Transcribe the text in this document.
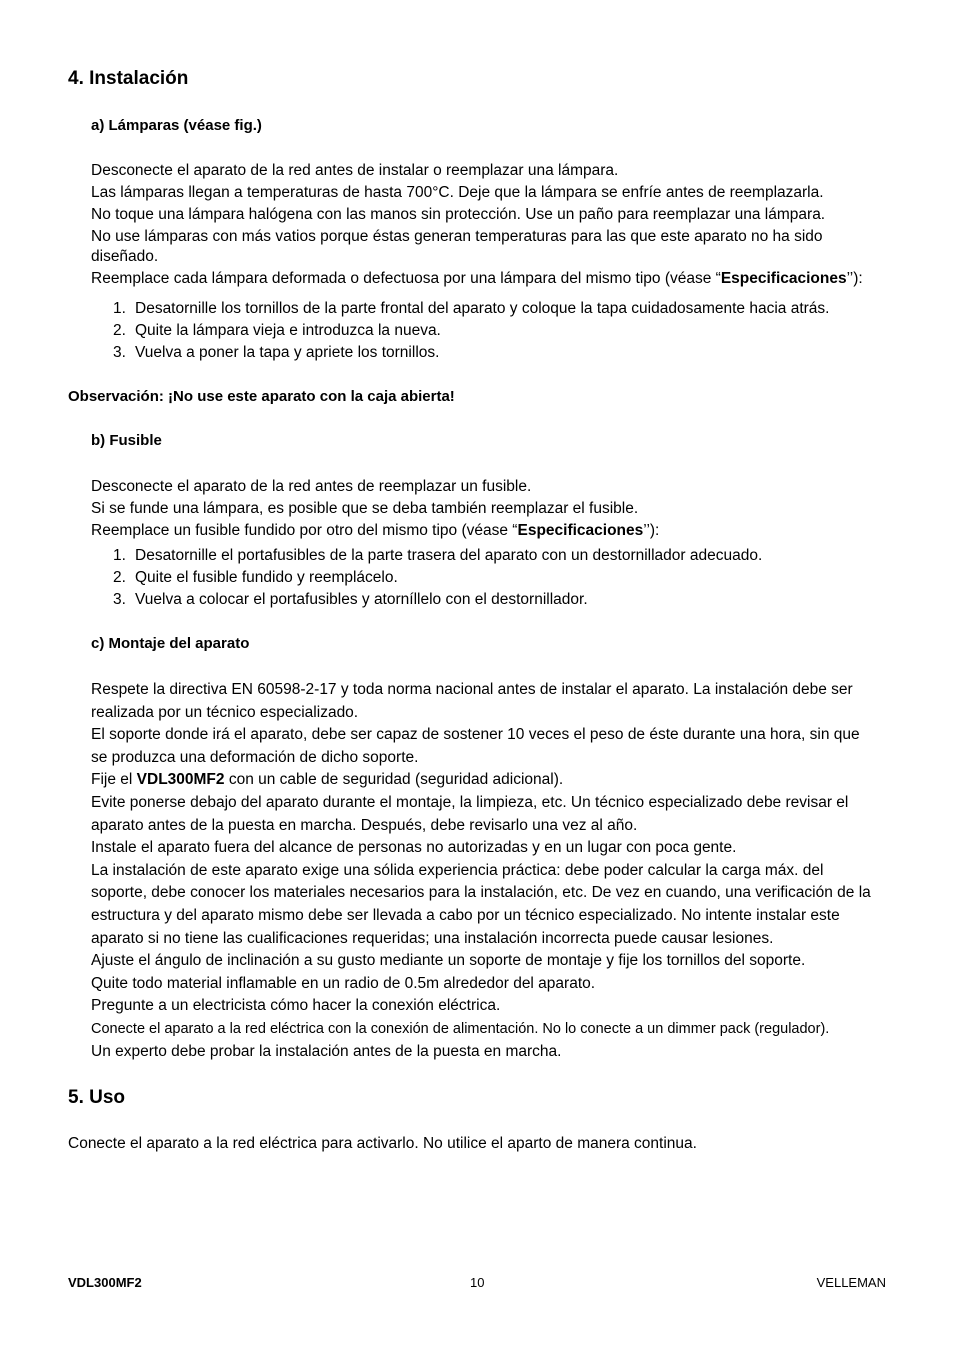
4. Instalación
a) Lámparas (véase fig.)
Desconecte el aparato de la red antes de instalar o reemplazar una lámpara.
Las lámparas llegan a temperaturas de hasta 700°C. Deje que la lámpara se enfríe antes de reemplazarla.
No toque una lámpara halógena con las manos sin protección. Use un paño para reemplazar una lámpara.
No use lámparas con más vatios porque éstas generan temperaturas para las que este aparato no ha sido
diseñado.
Reemplace cada lámpara deformada o defectuosa por una lámpara del mismo tipo (véase “Especificaciones’’):
1. Desatornille los tornillos de la parte frontal del aparato y coloque la tapa cuidadosamente hacia atrás.
2. Quite la lámpara vieja e introduzca la nueva.
3. Vuelva a poner la tapa y apriete los tornillos.
Observación: ¡No use este aparato con la caja abierta!
b) Fusible
Desconecte el aparato de la red antes de reemplazar un fusible.
Si se funde una lámpara, es posible que se deba también reemplazar el fusible.
Reemplace un fusible fundido por otro del mismo tipo (véase “Especificaciones’’):
1. Desatornille el portafusibles de la parte trasera del aparato con un destornillador adecuado.
2. Quite el fusible fundido y reemplácelo.
3. Vuelva a colocar el portafusibles y atorníllelo con el destornillador.
c) Montaje del aparato
Respete la directiva EN 60598-2-17 y toda norma nacional antes de instalar el aparato. La instalación debe ser
realizada por un técnico especializado.
El soporte donde irá el aparato, debe ser capaz de sostener 10 veces el peso de éste durante una hora, sin que
se produzca una deformación de dicho soporte.
Fije el VDL300MF2 con un cable de seguridad (seguridad adicional).
Evite ponerse debajo del aparato durante el montaje, la limpieza, etc. Un técnico especializado debe revisar el
aparato antes de la puesta en marcha. Después, debe revisarlo una vez al año.
Instale el aparato fuera del alcance de personas no autorizadas y en un lugar con poca gente.
La instalación de este aparato exige una sólida experiencia práctica: debe poder calcular la carga máx. del
soporte, debe conocer los materiales necesarios para la instalación, etc. De vez en cuando, una verificación de la
estructura y del aparato mismo debe ser llevada a cabo por un técnico especializado. No intente instalar este
aparato si no tiene las cualificaciones requeridas; una instalación incorrecta puede causar lesiones.
Ajuste el ángulo de inclinación a su gusto mediante un soporte de montaje y fije los tornillos del soporte.
Quite todo material inflamable en un radio de 0.5m alrededor del aparato.
Pregunte a un electricista cómo hacer la conexión eléctrica.
Conecte el aparato a la red eléctrica con la conexión de alimentación. No lo conecte a un dimmer pack (regulador).
Un experto debe probar la instalación antes de la puesta en marcha.
5. Uso
Conecte el aparato a la red eléctrica para activarlo. No utilice el aparto de manera continua.
VDL300MF2	10	VELLEMAN
